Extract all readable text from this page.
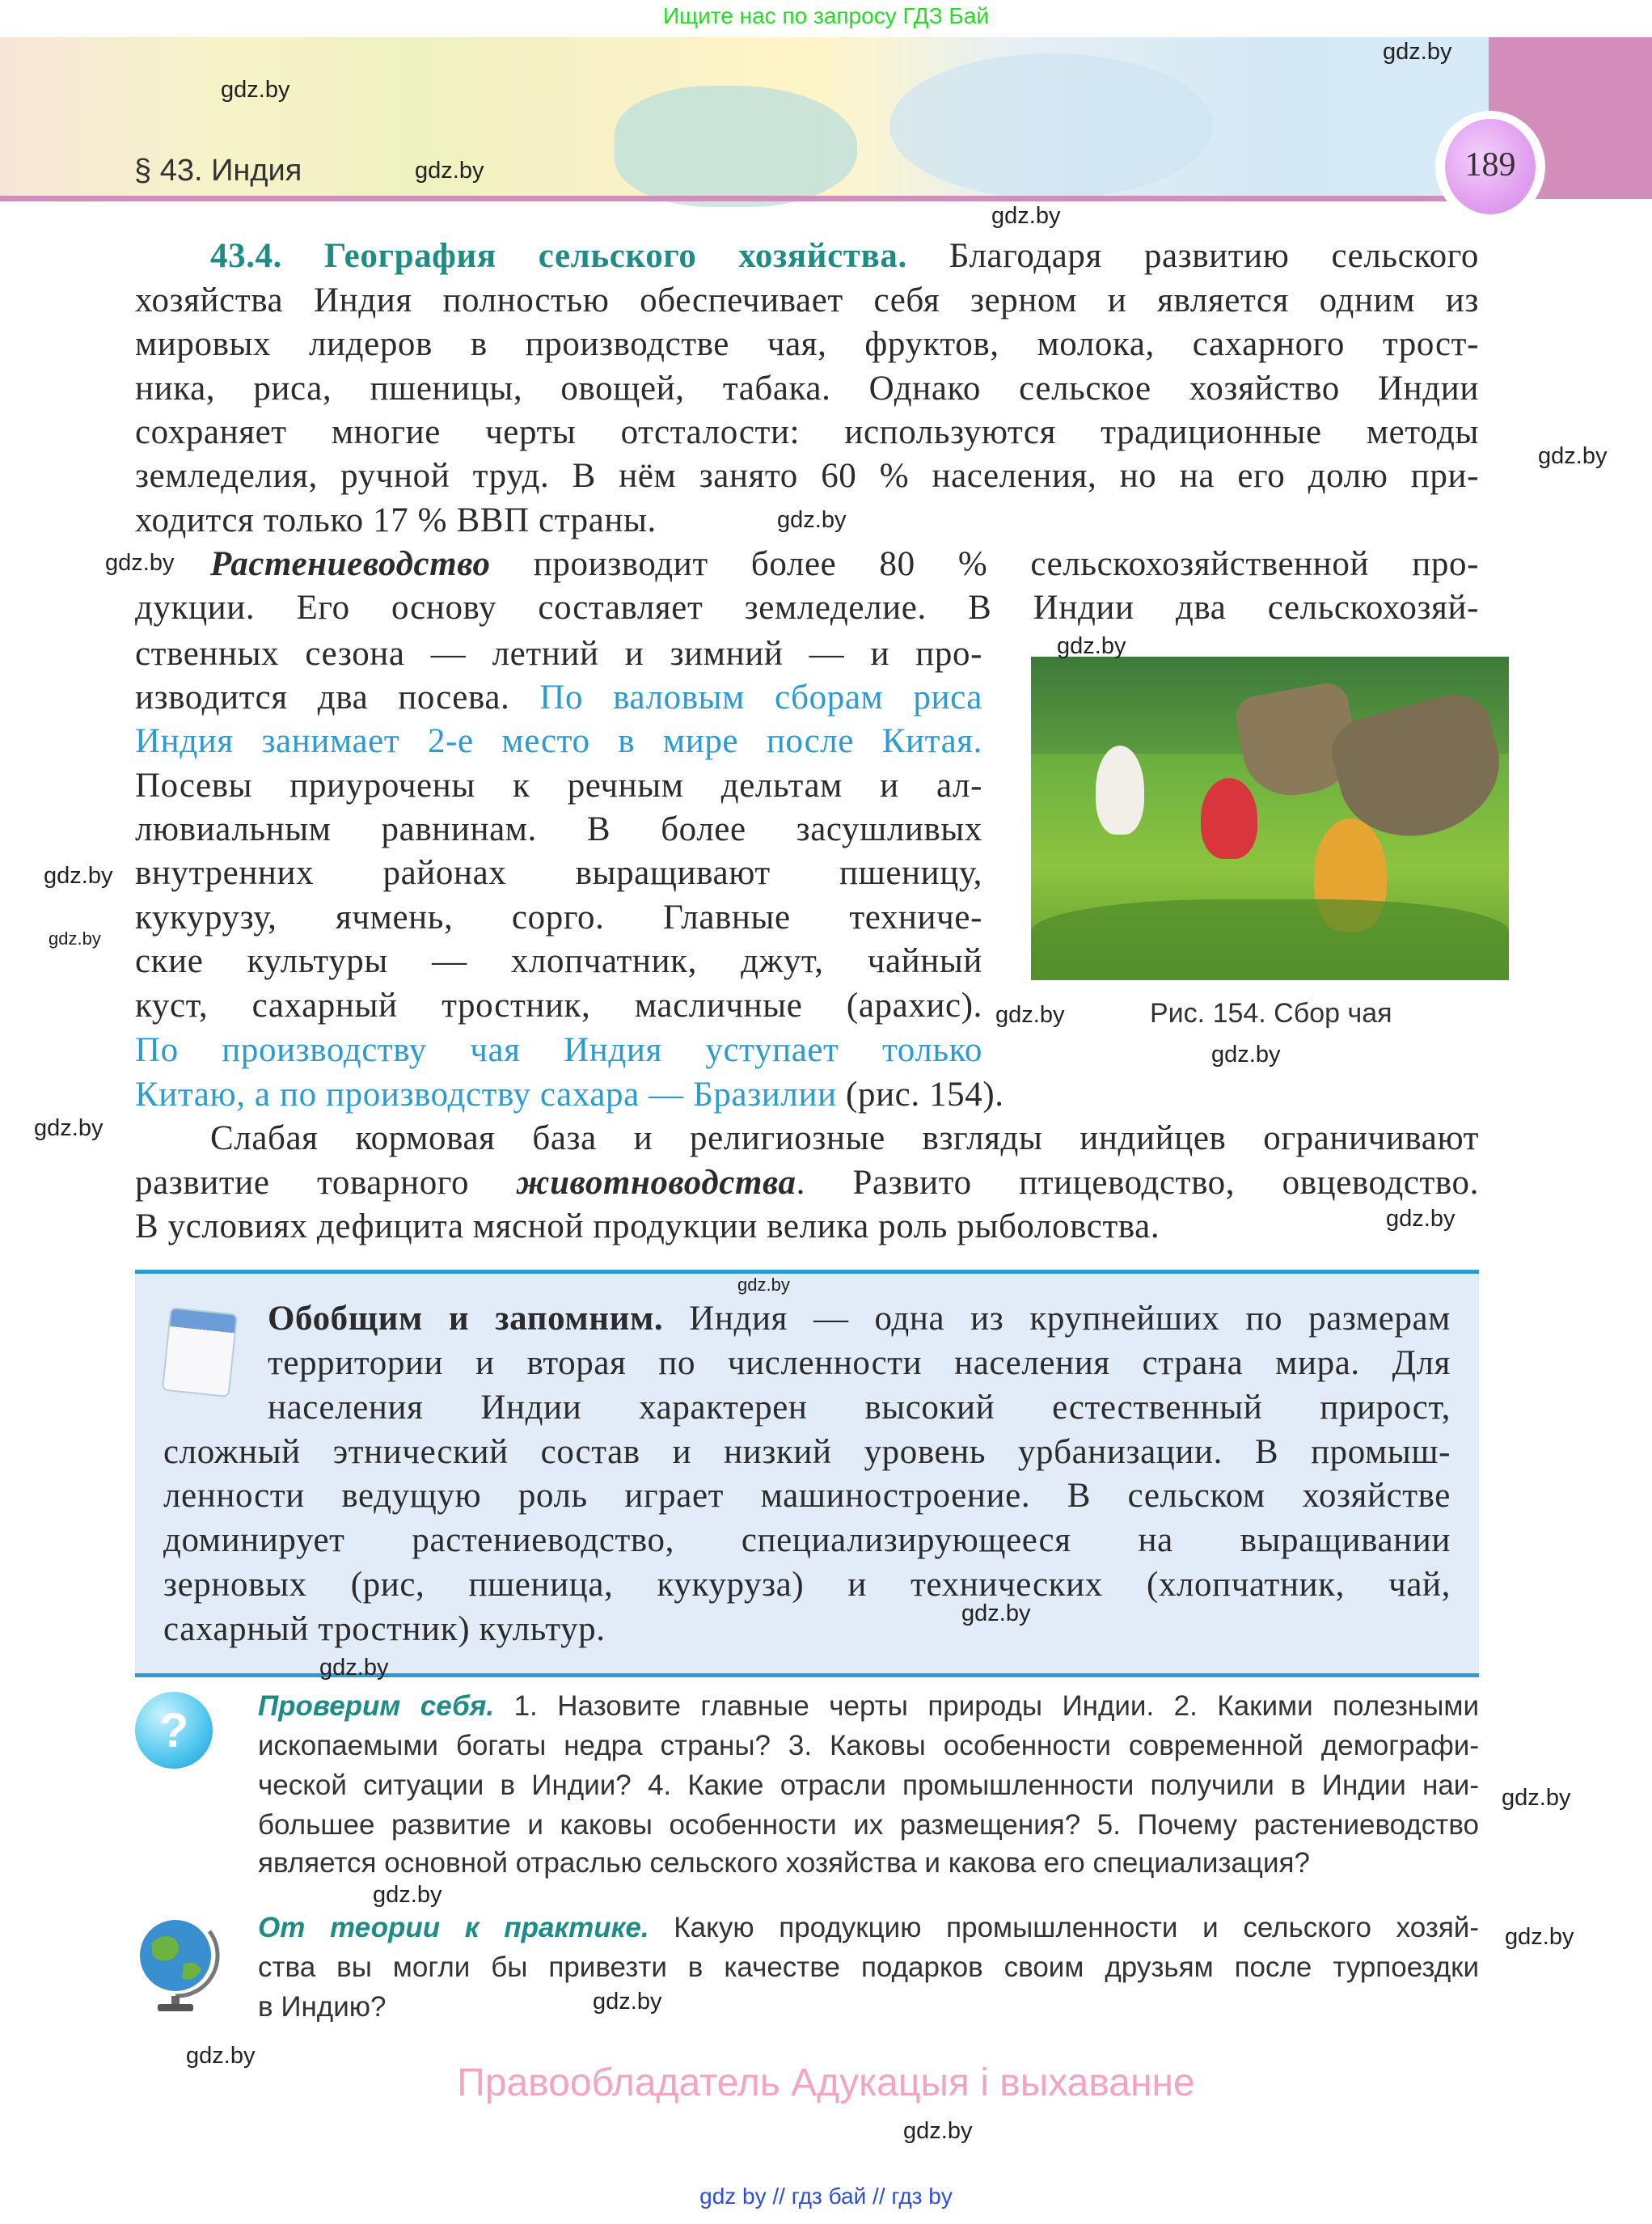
Ищите нас по запросу ГДЗ Бай
189
§ 43. Индия
43.4. География сельского хозяйства. Благодаря развитию сельского
хозяйства Индия полностью обеспечивает себя зерном и является одним из
мировых лидеров в производстве чая, фруктов, молока, сахарного трост-
ника, риса, пшеницы, овощей, табака. Однако сельское хозяйство Индии
сохраняет многие черты отсталости: используются традиционные методы
земледелия, ручной труд. В нём занято 60 % населения, но на его долю при-
ходится только 17 % ВВП страны.
Растениеводство производит более 80 % сельскохозяйственной про-
дукции. Его основу составляет земледелие. В Индии два сельскохозяй-
ственных сезона — летний и зимний — и про-
изводится два посева. По валовым сборам риса
Индия занимает 2-е место в мире после Китая.
Посевы приурочены к речным дельтам и ал-
лювиальным равнинам. В более засушливых
внутренних районах выращивают пшеницу,
кукурузу, ячмень, сорго. Главные техниче-
ские культуры — хлопчатник, джут, чайный
куст, сахарный тростник, масличные (арахис).
По производству чая Индия уступает только
Китаю, а по производству сахара — Бразилии (рис. 154).
Слабая кормовая база и религиозные взгляды индийцев ограничивают
развитие товарного животноводства. Развито птицеводство, овцеводство.
В условиях дефицита мясной продукции велика роль рыболовства.
Рис. 154. Сбор чая
Обобщим и запомним. Индия — одна из крупнейших по размерам
территории и вторая по численности населения страна мира. Для
населения Индии характерен высокий естественный прирост,
сложный этнический состав и низкий уровень урбанизации. В промыш-
ленности ведущую роль играет машиностроение. В сельском хозяйстве
доминирует растениеводство, специализирующееся на выращивании
зерновых (рис, пшеница, кукуруза) и технических (хлопчатник, чай,
сахарный тростник) культур.
?	Проверим себя. 1. Назовите главные черты природы Индии. 2. Какими полезными
ископаемыми богаты недра страны? 3. Каковы особенности современной демографи-
ческой ситуации в Индии? 4. Какие отрасли промышленности получили в Индии наи-
большее развитие и каковы особенности их размещения? 5. Почему растениеводство
является основной отраслью сельского хозяйства и какова его специализация?
От теории к практике. Какую продукцию промышленности и сельского хозяй-
ства вы могли бы привезти в качестве подарков своим друзьям после турпоездки
в Индию?
Правообладатель Адукацыя і выхаванне
gdz by // гдз бай // гдз by
gdz.by
gdz.by
gdz.by
gdz.by
gdz.by
gdz.by
gdz.by
gdz.by
gdz.by
gdz.by
gdz.by
gdz.by
gdz.by
gdz.by
gdz.by
gdz.by
gdz.by
gdz.by
gdz.by
gdz.by
gdz.by
gdz.by
gdz.by
